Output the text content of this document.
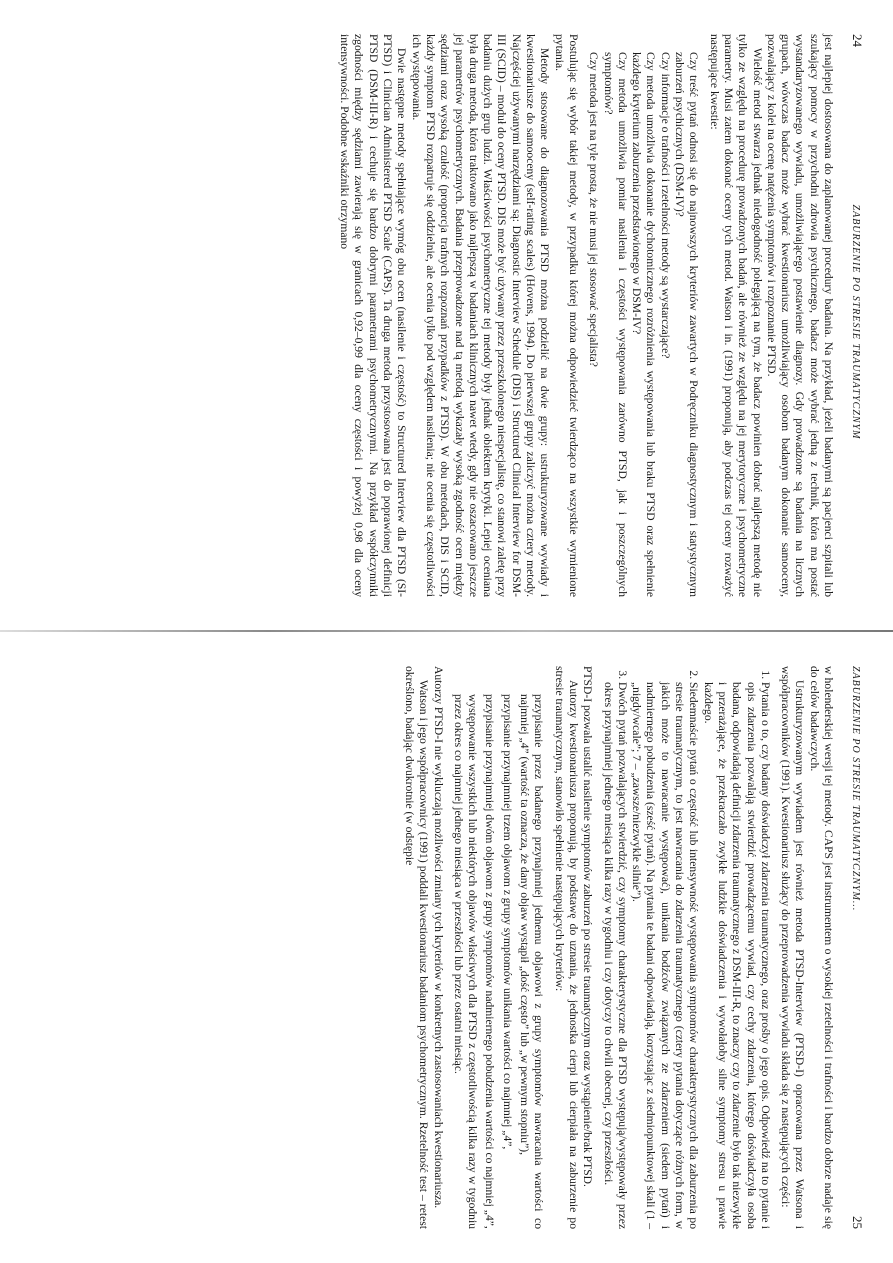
24
ZABURZENIE PO STRESIE TRAUMATYCZNYM

jest najlepiej dostosowana do zaplanowanej procedury badania. Na przykład, jeżeli badanymi są pacjenci szpitali lub szukający pomocy w przychodni zdrowia psychicznego, badacz może wybrać jedną z technik, która ma postać wystandaryzowanego wywiadu, umożliwiającego postawienie diagnozy. Gdy prowadzone są badania na licznych grupach, wówczas badacz może wybrać kwestionariusz umożliwiający osobom badanym dokonanie samooceny, pozwalający z kolei na ocenę natężenia symptomów i rozpoznanie PTSD.

Wielość metod stwarza jednak niedogodność polegającą na tym, że badacz powinien dobrać najlepszą metodę nie tylko ze względu na procedurę prowadzonych badań, ale również ze względu na jej merytoryczne i psychometryczne parametry. Musi zatem dokonać oceny tych metod. Watson i in. (1991) proponują, aby podczas tej oceny rozważyć następujące kwestie:

Czy treść pytań odnosi się do najnowszych kryteriów zawartych w Podręczniku diagnostycznym i statystycznym zaburzeń psychicznych (DSM-IV)?

Czy informacje o trafności i rzetelności metody są wystarczające?

Czy metoda umożliwia dokonanie dychotomicznego rozróżnienia występowania lub braku PTSD oraz spełnienie każdego kryterium zaburzenia przedstawionego w DSM-IV?

Czy metoda umożliwia pomiar nasilenia i częstości występowania zarówno PTSD, jak i poszczególnych symptomów?

Czy metoda jest na tyle prosta, że nie musi jej stosować specjalista?

Postulując się wybór takiej metody, w przypadku której można odpowiedzieć twierdząco na wszystkie wymienione pytania.

Metody stosowane do diagnozowania PTSD można podzielić na dwie grupy: ustrukturyzowane wywiady i kwestionariusze do samooceny (self-rating scales) (Hovens, 1994). Do pierwszej grupy zaliczyć można cztery metody. Najczęściej używanymi narzędziami są: Diagnostic Interview Schedule (DIS) i Structured Clinical Interview for DSM-III (SCID) – moduł do oceny PTSD. DIS może być używany przez przeszkolonego niespecjalistę, co stanowi zaletę przy badaniu dużych grup ludzi. Właściwości psychometryczne tej metody były jednak obiektem krytyki. Lepiej oceniana była druga metoda, która traktowano jako najlepszą w badaniach klinicznych nawet wtedy, gdy nie oszacowano jeszcze jej parametrów psychometrycznych. Badania przeprowadzone nad tą metodą wykazały wysoką zgodność ocen między sędziami oraz wysoką czułość (proporcja trafnych rozpoznań przypadków z PTSD). W obu metodach, DIS i SCID, każdy symptom PTSD rozpatruje się oddzielnie, ale ocenia tylko pod względem nasilenia; nie ocenia się częstotliwości ich występowania.

Dwie następne metody spełniające wymóg obu ocen (nasilenie i częstość) to Structured Interview dla PTSD (SI-PTSD) i Clinician Administered PTSD Scale (CAPS). Ta druga metoda przystosowana jest do poprawionej definicji PTSD (DSM-III-R) i cechuje się bardzo dobrymi parametrami psychometrycznymi. Na przykład współczynniki zgodności między sędziami zawierają się w granicach 0,92–0,99 dla oceny częstości i powyżej 0,98 dla oceny intensywności. Podobne wskaźniki otrzymano

ZABURZENIE PO STRESIE TRAUMATYCZNYM...
25

w holenderskiej wersji tej metody. CAPS jest instrumentem o wysokiej rzetelności i trafności i bardzo dobrze nadaje się do celów badawczych.

Ustrukturyzowanym wywiadem jest również metoda PTSD-Interview (PTSD-I) opracowana przez Watsona i współpracowników (1991). Kwestionariusz służący do przeprowadzenia wywiadu składa się z następujących części:

1. Pytania o to, czy badany doświadczył zdarzenia traumatycznego, oraz prośby o jego opis. Odpowiedź na to pytanie i opis zdarzenia pozwalają stwierdzić prowadzącemu wywiad, czy cechy zdarzenia, którego doświadczyła osoba badana, odpowiadają definicji zdarzenia traumatycznego z DSM-III-R, to znaczy czy to zdarzenie było tak niezwykłe i przerażające, że przekraczało zwykłe ludzkie doświadczenia i wywołałoby silne symptomy stresu u prawie każdego.
2. Siedemnaście pytań o częstość lub intensywność występowania symptomów charakterystycznych dla zaburzenia po stresie traumatycznym, to jest nawracania do zdarzenia traumatycznego (cztery pytania dotyczące różnych form, w jakich może to nawracanie występować), unikania bodźców związanych ze zdarzeniem (siedem pytań) i nadmiernego pobudzenia (sześć pytań). Na pytania te badani odpowiadają, korzystając z siedmiopunktowej skali (1 – „nigdy/wcale”; 7 – „zawsze/niezwykle silnie”).
3. Dwóch pytań pozwalających stwierdzić, czy symptomy charakterystyczne dla PTSD występują/występowały przez okres przynajmniej jednego miesiąca kilka razy w tygodniu i czy dotyczy to chwili obecnej, czy przeszłości.

PTSD-I pozwala ustalić nasilenie symptomów zaburzeń po stresie traumatycznym oraz wystąpienie/brak PTSD.

Autorzy kwestionariusza proponują, by podstawę do uznania, że jednostka cierpi lub cierpiała na zaburzenie po stresie traumatycznym, stanowiło spełnienie następujących kryteriów:

przypisanie przez badanego przynajmniej jednemu objawowi z grupy symptomów nawracania wartości co najmniej „4” (wartość ta oznacza, że dany objaw wystąpił „dość często” lub „w pewnym stopniu”),

przypisanie przynajmniej trzem objawom z grupy symptomów unikania wartości co najmniej „4”,

przypisanie przynajmniej dwóm objawom z grupy symptomów nadmiernego pobudzenia wartości co najmniej „4”,

występowanie wszystkich lub niektórych objawów właściwych dla PTSD z częstotliwością kilka razy w tygodniu przez okres co najmniej jednego miesiąca w przeszłości lub przez ostatni miesiąc.

Autorzy PTSD-I nie wykluczają możliwości zmiany tych kryteriów w konkretnych zastosowaniach kwestionariusza.

Watson i jego współpracownicy (1991) poddali kwestionariusz badaniom psychometrycznym. Rzetelność test – retest określono, badając dwukrotnie (w odstępie
